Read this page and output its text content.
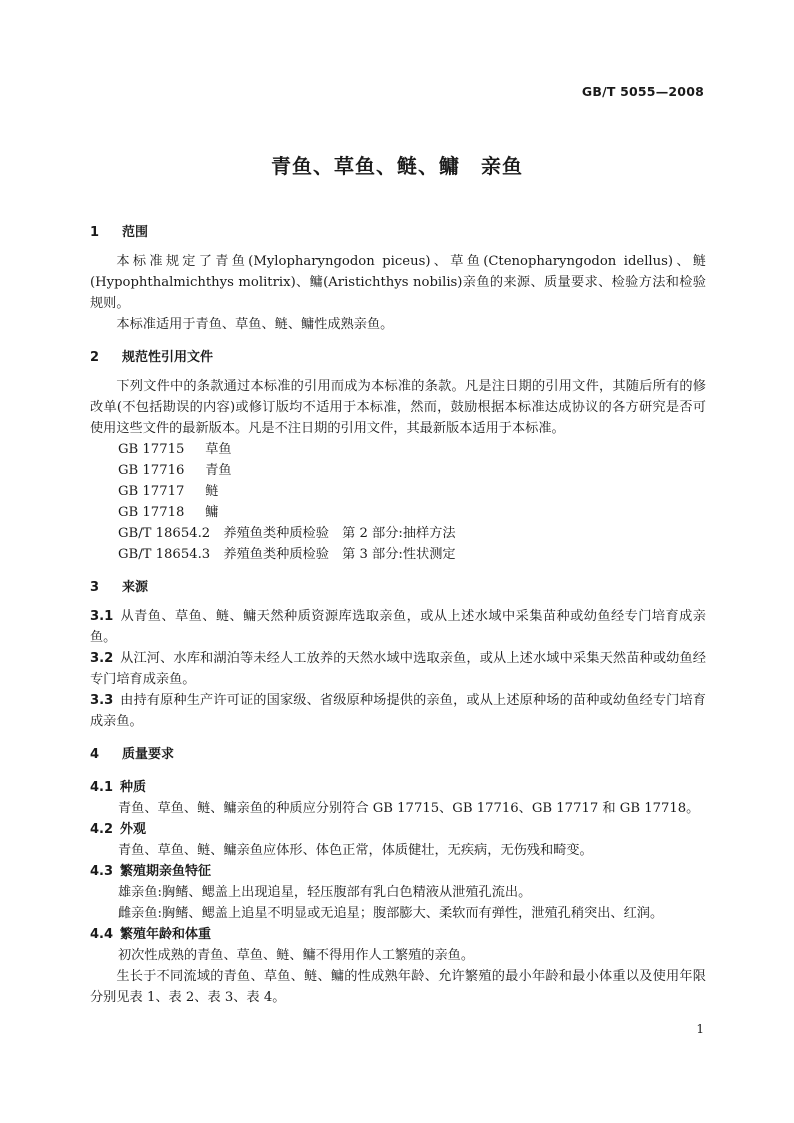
GB/T 5055—2008
青鱼、草鱼、鲢、鳙　亲鱼
1 范围

本标准规定了青鱼(Mylopharyngodon piceus)、草鱼(Ctenopharyngodon idellus)、鲢(Hypophthalmichthys molitrix)、鳙(Aristichthys nobilis)亲鱼的来源、质量要求、检验方法和检验规则。

本标准适用于青鱼、草鱼、鲢、鳙性成熟亲鱼。

2 规范性引用文件

下列文件中的条款通过本标准的引用而成为本标准的条款。凡是注日期的引用文件，其随后所有的修改单(不包括勘误的内容)或修订版均不适用于本标准，然而，鼓励根据本标准达成协议的各方研究是否可使用这些文件的最新版本。凡是不注日期的引用文件，其最新版本适用于本标准。

GB 17715　 草鱼
GB 17716　 青鱼
GB 17717　 鲢
GB 17718　 鳙
GB/T 18654.2　 养殖鱼类种质检验　第 2 部分:抽样方法
GB/T 18654.3　 养殖鱼类种质检验　第 3 部分:性状测定
3 来源

3.1 从青鱼、草鱼、鲢、鳙天然种质资源库选取亲鱼，或从上述水域中采集苗种或幼鱼经专门培育成亲鱼。

3.2 从江河、水库和湖泊等未经人工放养的天然水域中选取亲鱼，或从上述水域中采集天然苗种或幼鱼经专门培育成亲鱼。

3.3 由持有原种生产许可证的国家级、省级原种场提供的亲鱼，或从上述原种场的苗种或幼鱼经专门培育成亲鱼。

4 质量要求
4.1 种质

青鱼、草鱼、鲢、鳙亲鱼的种质应分别符合 GB 17715、GB 17716、GB 17717 和 GB 17718。

4.2 外观

青鱼、草鱼、鲢、鳙亲鱼应体形、体色正常，体质健壮，无疾病，无伤残和畸变。

4.3 繁殖期亲鱼特征

雄亲鱼:胸鳍、鳃盖上出现追星，轻压腹部有乳白色精液从泄殖孔流出。

雌亲鱼:胸鳍、鳃盖上追星不明显或无追星；腹部膨大、柔软而有弹性，泄殖孔稍突出、红润。

4.4 繁殖年龄和体重

初次性成熟的青鱼、草鱼、鲢、鳙不得用作人工繁殖的亲鱼。

生长于不同流域的青鱼、草鱼、鲢、鳙的性成熟年龄、允许繁殖的最小年龄和最小体重以及使用年限分别见表 1、表 2、表 3、表 4。

1
